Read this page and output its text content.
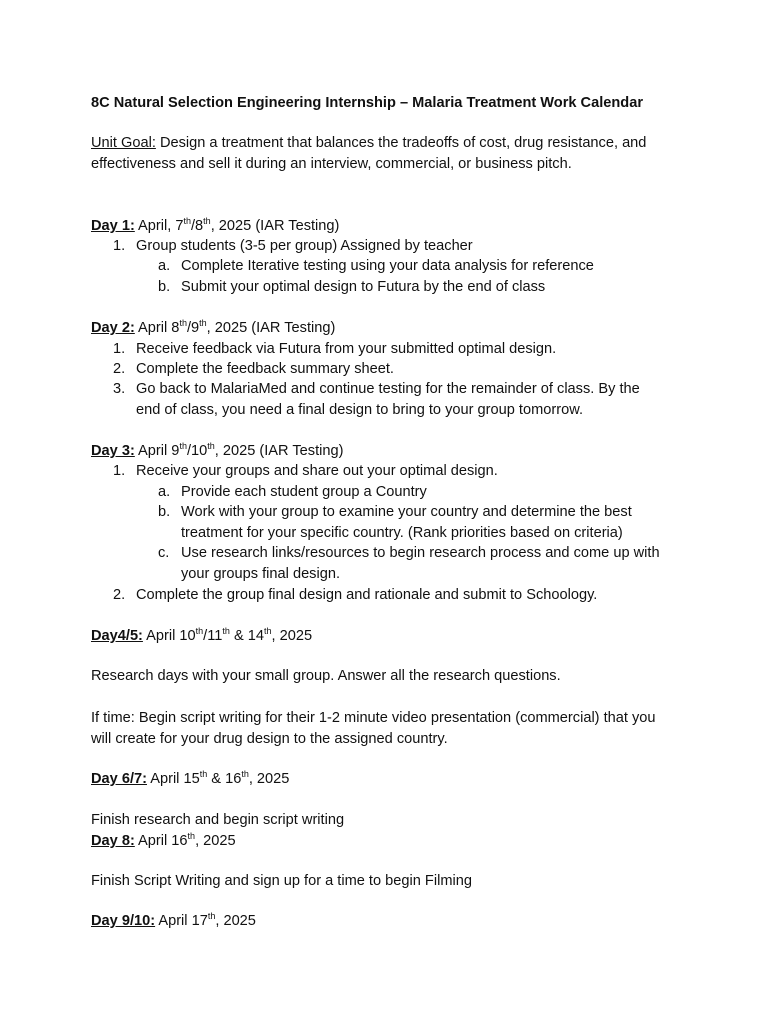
8C Natural Selection Engineering Internship – Malaria Treatment Work Calendar
Unit Goal: Design a treatment that balances the tradeoffs of cost, drug resistance, and
effectiveness and sell it during an interview, commercial, or business pitch.
Day 1: April, 7th/8th, 2025 (IAR Testing)
1. Group students (3-5 per group) Assigned by teacher
a. Complete Iterative testing using your data analysis for reference
b. Submit your optimal design to Futura by the end of class
Day 2: April 8th/9th, 2025 (IAR Testing)
1. Receive feedback via Futura from your submitted optimal design.
2. Complete the feedback summary sheet.
3. Go back to MalariaMed and continue testing for the remainder of class. By the
end of class, you need a final design to bring to your group tomorrow.
Day 3: April 9th/10th, 2025 (IAR Testing)
1. Receive your groups and share out your optimal design.
a. Provide each student group a Country
b. Work with your group to examine your country and determine the best
treatment for your specific country. (Rank priorities based on criteria)
c. Use research links/resources to begin research process and come up with
your groups final design.
2. Complete the group final design and rationale and submit to Schoology.
Day4/5: April 10th/11th & 14th, 2025
Research days with your small group. Answer all the research questions.
If time: Begin script writing for their 1-2 minute video presentation (commercial) that you
will create for your drug design to the assigned country.
Day 6/7: April 15th & 16th, 2025
Finish research and begin script writing
Day 8: April 16th, 2025
Finish Script Writing and sign up for a time to begin Filming
Day 9/10: April 17th, 2025
